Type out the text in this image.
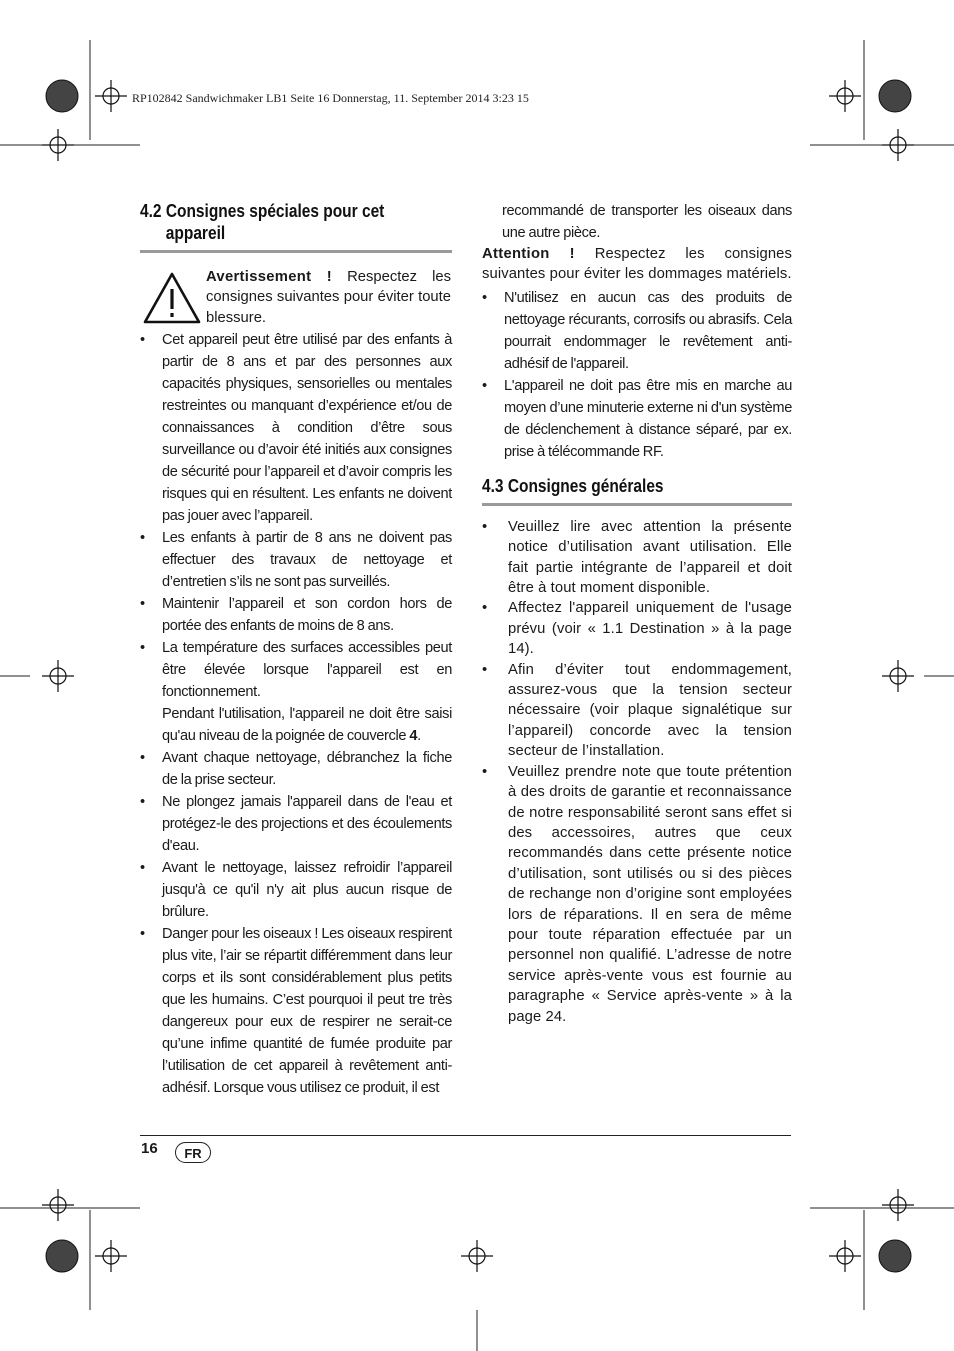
RP102842 Sandwichmaker LB1 Seite 16 Donnerstag, 11. September 2014 3:23 15
4.2 Consignes spéciales pour cet
appareil
Avertissement ! Respectez les consignes suivantes pour éviter toute blessure.
• Cet appareil peut être utilisé par des enfants à partir de 8 ans et par des personnes aux capacités physiques, sensorielles ou mentales restreintes ou manquant d’expérience et/ou de connaissances à condition d’être sous surveillance ou d’avoir été initiés aux consignes de sécurité pour l’appareil et d’avoir compris les risques qui en résultent. Les enfants ne doivent pas jouer avec l’appareil.
• Les enfants à partir de 8 ans ne doivent pas effectuer des travaux de nettoyage et d’entretien s’ils ne sont pas surveillés.
• Maintenir l’appareil et son cordon hors de portée des enfants de moins de 8 ans.
• La température des surfaces accessibles peut être élevée lorsque l'appareil est en fonctionnement.
Pendant l'utilisation, l'appareil ne doit être saisi qu'au niveau de la poignée de couvercle 4.
• Avant chaque nettoyage, débranchez la fiche de la prise secteur.
• Ne plongez jamais l'appareil dans de l'eau et protégez-le des projections et des écoulements d'eau.
• Avant le nettoyage, laissez refroidir l’appareil jusqu'à ce qu'il n'y ait plus aucun risque de brûlure.
• Danger pour les oiseaux ! Les oiseaux respirent plus vite, l’air se répartit différemment dans leur corps et ils sont considérablement plus petits que les humains. C’est pourquoi il peut tre très dangereux pour eux de respirer ne serait-ce qu’une infime quantité de fumée produite par l’utilisation de cet appareil à revêtement anti-adhésif. Lorsque vous utilisez ce produit, il est
recommandé de transporter les oiseaux dans une autre pièce.
Attention ! Respectez les consignes suivantes pour éviter les dommages matériels.
• N'utilisez en aucun cas des produits de nettoyage récurants, corrosifs ou abrasifs. Cela pourrait endommager le revêtement anti-adhésif de l'appareil.
• L'appareil ne doit pas être mis en marche au moyen d’une minuterie externe ni d'un système de déclenchement à distance séparé, par ex. prise à télécommande RF.
4.3 Consignes générales
• Veuillez lire avec attention la présente notice d’utilisation avant utilisation. Elle fait partie intégrante de l’appareil et doit être à tout moment disponible.
• Affectez l'appareil uniquement de l'usage prévu (voir « 1.1 Destination » à la page 14).
• Afin d’éviter tout endommagement, assurez-vous que la tension secteur nécessaire (voir plaque signalétique sur l’appareil) concorde avec la tension secteur de l’installation.
• Veuillez prendre note que toute prétention à des droits de garantie et reconnaissance de notre responsabilité seront sans effet si des accessoires, autres que ceux recommandés dans cette présente notice d’utilisation, sont utilisés ou si des pièces de rechange non d’origine sont employées lors de réparations. Il en sera de même pour toute réparation effectuée par un personnel non qualifié. L’adresse de notre service après-vente vous est fournie au paragraphe « Service après-vente » à la page 24.
16	FR
